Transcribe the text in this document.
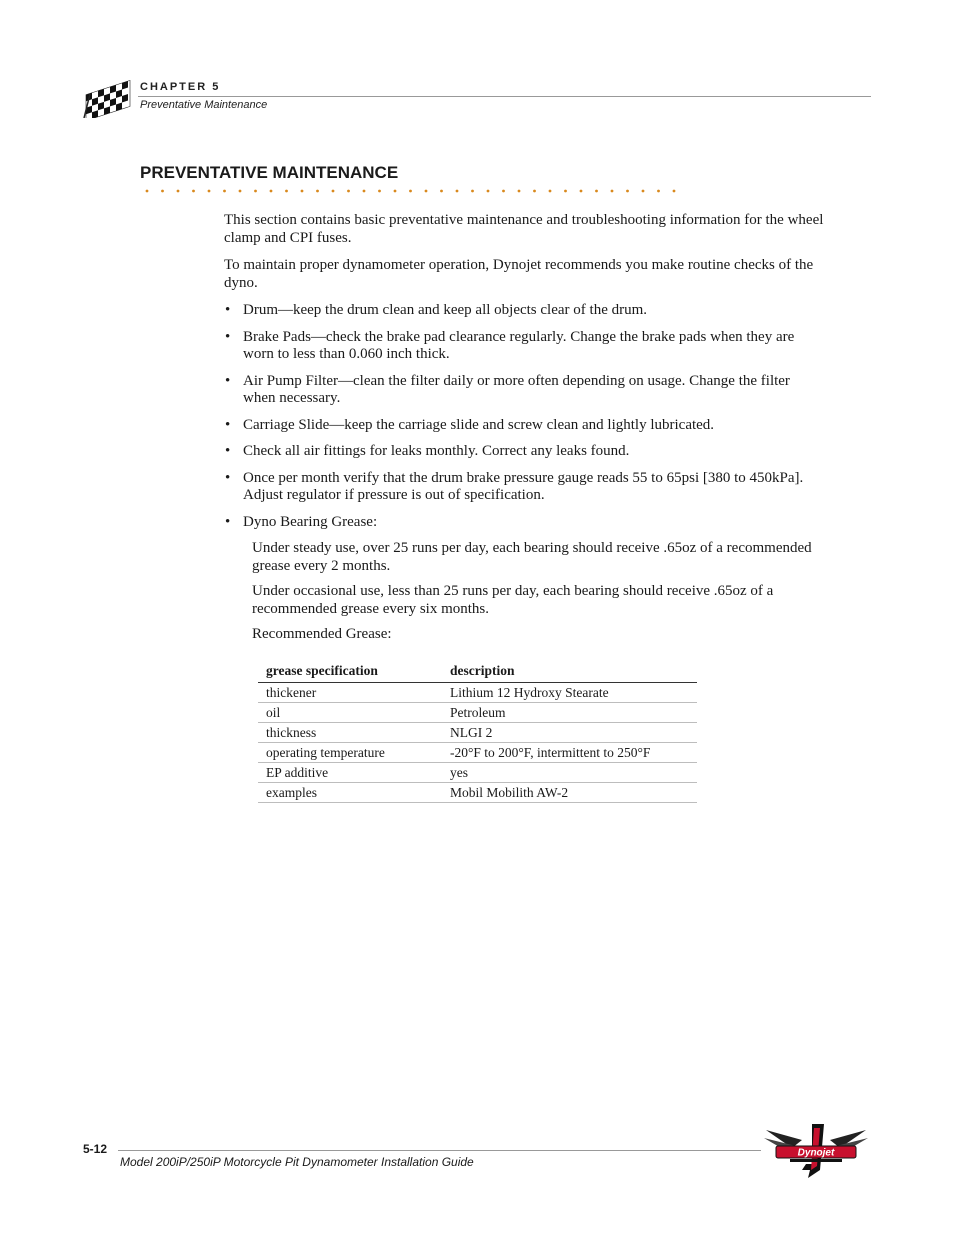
CHAPTER 5
Preventative Maintenance
PREVENTATIVE MAINTENANCE

This section contains basic preventative maintenance and troubleshooting information for the wheel clamp and CPI fuses.

To maintain proper dynamometer operation, Dynojet recommends you make routine checks of the dyno.

• Drum—keep the drum clean and keep all objects clear of the drum.
• Brake Pads—check the brake pad clearance regularly. Change the brake pads when they are worn to less than 0.060 inch thick.
• Air Pump Filter—clean the filter daily or more often depending on usage. Change the filter when necessary.
• Carriage Slide—keep the carriage slide and screw clean and lightly lubricated.
• Check all air fittings for leaks monthly. Correct any leaks found.
• Once per month verify that the drum brake pressure gauge reads 55 to 65psi [380 to 450kPa]. Adjust regulator if pressure is out of specification.
• Dyno Bearing Grease:

Under steady use, over 25 runs per day, each bearing should receive .65oz of a recommended grease every 2 months.

Under occasional use, less than 25 runs per day, each bearing should receive .65oz of a recommended grease every six months.

Recommended Grease:

grease specification	description
thickener	Lithium 12 Hydroxy Stearate
oil	Petroleum
thickness	NLGI 2
operating temperature	-20°F to 200°F, intermittent to 250°F
EP additive	yes
examples	Mobil Mobilith AW-2
5-12
Model 200iP/250iP Motorcycle Pit Dynamometer Installation Guide
Dynojet
